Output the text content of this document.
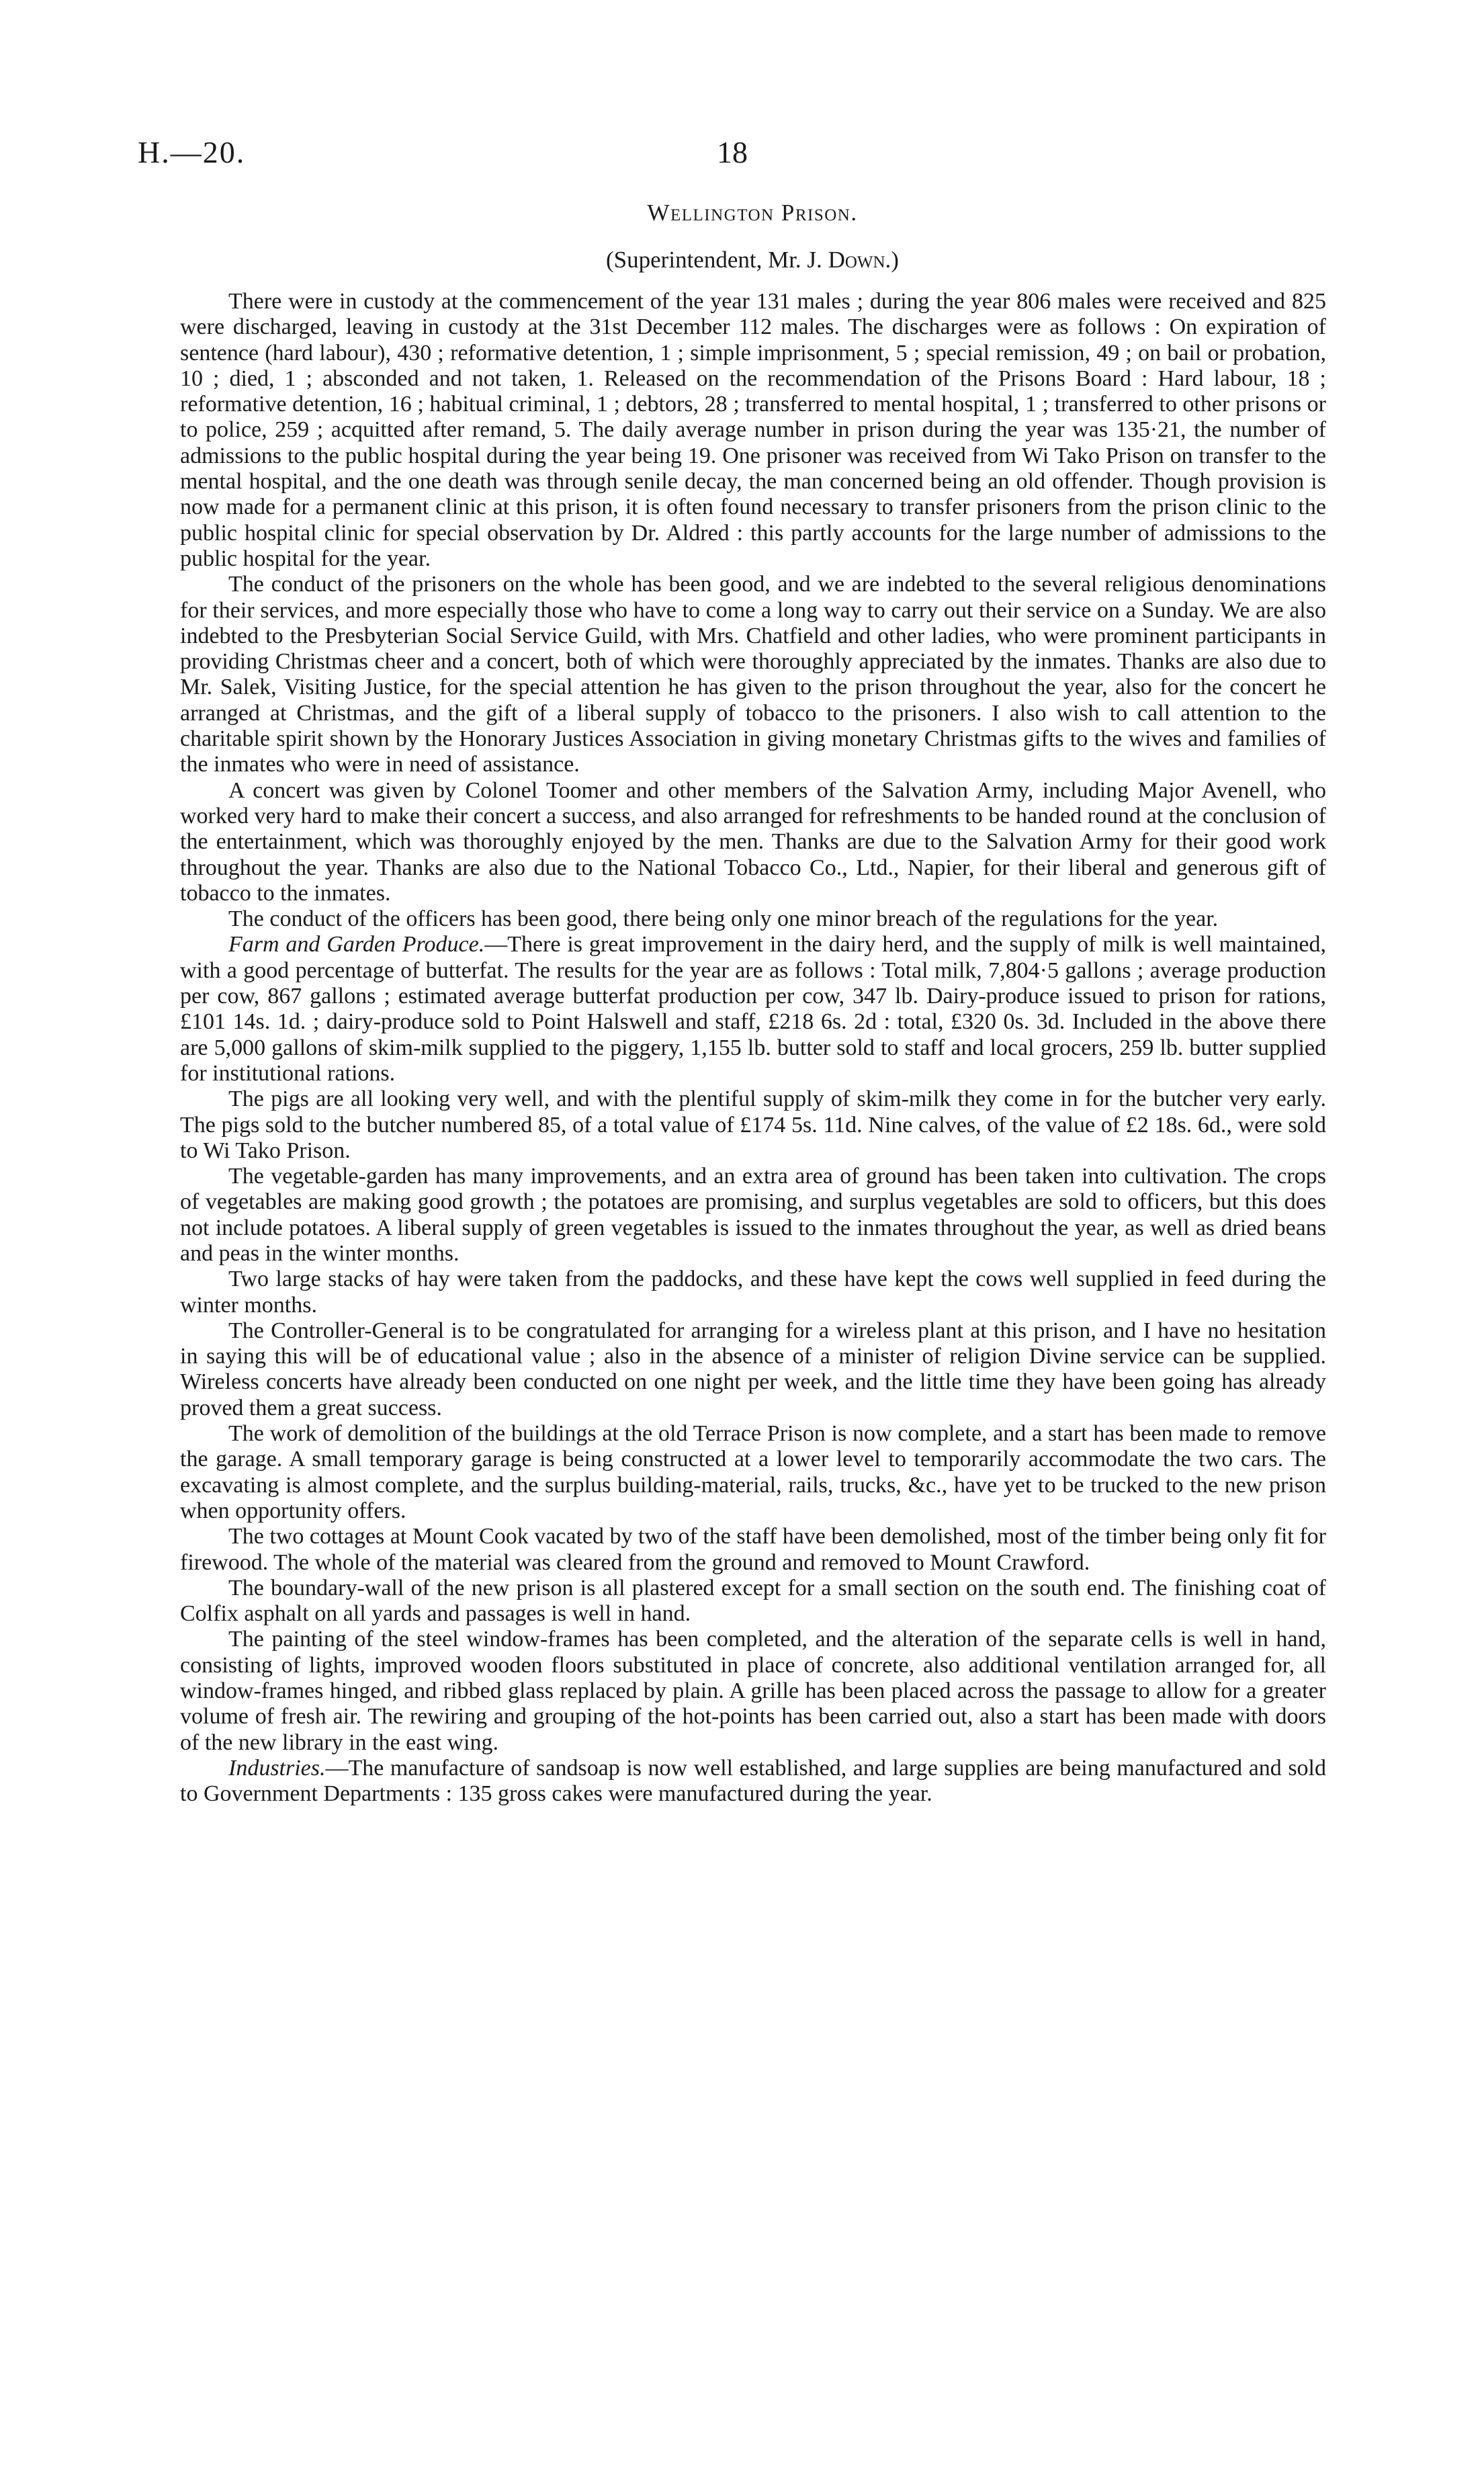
H.—20.	18
Wellington Prison.

(Superintendent, Mr. J. Down.)

There were in custody at the commencement of the year 131 males ; during the year 806 males were received and 825 were discharged, leaving in custody at the 31st December 112 males. The discharges were as follows : On expiration of sentence (hard labour), 430 ; reformative detention, 1 ; simple imprisonment, 5 ; special remission, 49 ; on bail or probation, 10 ; died, 1 ; absconded and not taken, 1. Released on the recommendation of the Prisons Board : Hard labour, 18 ; reformative detention, 16 ; habitual criminal, 1 ; debtors, 28 ; transferred to mental hospital, 1 ; transferred to other prisons or to police, 259 ; acquitted after remand, 5. The daily average number in prison during the year was 135·21, the number of admissions to the public hospital during the year being 19. One prisoner was received from Wi Tako Prison on transfer to the mental hospital, and the one death was through senile decay, the man concerned being an old offender. Though provision is now made for a permanent clinic at this prison, it is often found necessary to transfer prisoners from the prison clinic to the public hospital clinic for special observation by Dr. Aldred : this partly accounts for the large number of admissions to the public hospital for the year.

The conduct of the prisoners on the whole has been good, and we are indebted to the several religious denominations for their services, and more especially those who have to come a long way to carry out their service on a Sunday. We are also indebted to the Presbyterian Social Service Guild, with Mrs. Chatfield and other ladies, who were prominent participants in providing Christmas cheer and a concert, both of which were thoroughly appreciated by the inmates. Thanks are also due to Mr. Salek, Visiting Justice, for the special attention he has given to the prison throughout the year, also for the concert he arranged at Christmas, and the gift of a liberal supply of tobacco to the prisoners. I also wish to call attention to the charitable spirit shown by the Honorary Justices Association in giving monetary Christmas gifts to the wives and families of the inmates who were in need of assistance.

A concert was given by Colonel Toomer and other members of the Salvation Army, including Major Avenell, who worked very hard to make their concert a success, and also arranged for refreshments to be handed round at the conclusion of the entertainment, which was thoroughly enjoyed by the men. Thanks are due to the Salvation Army for their good work throughout the year. Thanks are also due to the National Tobacco Co., Ltd., Napier, for their liberal and generous gift of tobacco to the inmates.

The conduct of the officers has been good, there being only one minor breach of the regulations for the year.

Farm and Garden Produce.—There is great improvement in the dairy herd, and the supply of milk is well maintained, with a good percentage of butterfat. The results for the year are as follows : Total milk, 7,804·5 gallons ; average production per cow, 867 gallons ; estimated average butterfat production per cow, 347 lb. Dairy-produce issued to prison for rations, £101 14s. 1d. ; dairy-produce sold to Point Halswell and staff, £218 6s. 2d : total, £320 0s. 3d. Included in the above there are 5,000 gallons of skim-milk supplied to the piggery, 1,155 lb. butter sold to staff and local grocers, 259 lb. butter supplied for institutional rations.

The pigs are all looking very well, and with the plentiful supply of skim-milk they come in for the butcher very early. The pigs sold to the butcher numbered 85, of a total value of £174 5s. 11d. Nine calves, of the value of £2 18s. 6d., were sold to Wi Tako Prison.

The vegetable-garden has many improvements, and an extra area of ground has been taken into cultivation. The crops of vegetables are making good growth ; the potatoes are promising, and surplus vegetables are sold to officers, but this does not include potatoes. A liberal supply of green vegetables is issued to the inmates throughout the year, as well as dried beans and peas in the winter months.

Two large stacks of hay were taken from the paddocks, and these have kept the cows well supplied in feed during the winter months.

The Controller-General is to be congratulated for arranging for a wireless plant at this prison, and I have no hesitation in saying this will be of educational value ; also in the absence of a minister of religion Divine service can be supplied. Wireless concerts have already been conducted on one night per week, and the little time they have been going has already proved them a great success.

The work of demolition of the buildings at the old Terrace Prison is now complete, and a start has been made to remove the garage. A small temporary garage is being constructed at a lower level to temporarily accommodate the two cars. The excavating is almost complete, and the surplus building-material, rails, trucks, &c., have yet to be trucked to the new prison when opportunity offers.

The two cottages at Mount Cook vacated by two of the staff have been demolished, most of the timber being only fit for firewood. The whole of the material was cleared from the ground and removed to Mount Crawford.

The boundary-wall of the new prison is all plastered except for a small section on the south end. The finishing coat of Colfix asphalt on all yards and passages is well in hand.

The painting of the steel window-frames has been completed, and the alteration of the separate cells is well in hand, consisting of lights, improved wooden floors substituted in place of concrete, also additional ventilation arranged for, all window-frames hinged, and ribbed glass replaced by plain. A grille has been placed across the passage to allow for a greater volume of fresh air. The rewiring and grouping of the hot-points has been carried out, also a start has been made with doors of the new library in the east wing.

Industries.—The manufacture of sandsoap is now well established, and large supplies are being manufactured and sold to Government Departments : 135 gross cakes were manufactured during the year.
